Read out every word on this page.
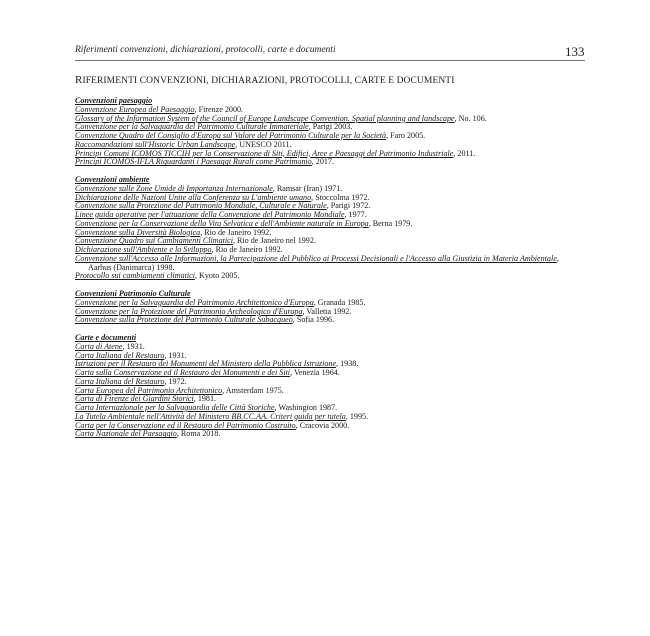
Riferimenti convenzioni, dichiarazioni, protocolli, carte e documenti	133
RIFERIMENTI CONVENZIONI, DICHIARAZIONI, PROTOCOLLI, CARTE E DOCUMENTI
Convenzioni paesaggio
Convenzione Europea del Paesaggio, Firenze 2000.
Glossary of the Information System of the Council of Europe Landscape Convention. Spatial planning and landscape, No. 106.
Convenzione per la Salvaguardia del Patrimonio Culturale Immateriale, Parigi 2003.
Convenzione Quadro del Consiglio d'Europa sul Valore del Patrimonio Culturale per la Società, Faro 2005.
Raccomandazioni sull'Historic Urban Landscape, UNESCO 2011.
Principi Comuni ICOMOS TICCIH per la Conservazione di Siti, Edifici, Aree e Paesaggi del Patrimonio Industriale, 2011.
Principi ICOMOS-IFLA Riguardanti i Paesaggi Rurali come Patrimonio, 2017.
Convenzioni ambiente
Convenzione sulle Zone Umide di Importanza Internazionale, Ramsar (Iran) 1971.
Dichiarazione delle Nazioni Unite alla Conferenza su L'ambiente umano, Stoccolma 1972.
Convenzione sulla Protezione del Patrimonio Mondiale, Culturale e Naturale, Parigi 1972.
Linee guida operative per l'attuazione della Convenzione del Patrimonio Mondiale, 1977.
Convenzione per la Conservazione della Vita Selvatica e dell'Ambiente naturale in Europa, Berna 1979.
Convenzione sulla Diversità Biologica, Rio de Janeiro 1992.
Convenzione Quadro sui Cambiamenti Climatici, Rio de Janeiro nel 1992.
Dichiarazione sull'Ambiente e lo Sviluppo, Rio de Janeiro 1992.
Convenzione sull'Accesso alle Informazioni, la Partecipazione del Pubblico ai Processi Decisionali e l'Accesso alla Giustizia in Materia Ambientale,
Aarhus (Danimarca) 1998.
Protocollo sui cambiamenti climatici, Kyoto 2005.
Convenzioni Patrimonio Culturale
Convenzione per la Salvaguardia del Patrimonio Architettonico d'Europa, Granada 1985.
Convenzione per la Protezione del Patrimonio Archeologico d'Europa, Valletta 1992.
Convenzione sulla Protezione del Patrimonio Culturale Subacqueo, Sofia 1996.
Carte e documenti
Carta di Atene, 1931.
Carta Italiana del Restauro, 1931.
Istruzioni per il Restauro dei Monumenti del Ministero della Pubblica Istruzione, 1938.
Carta sulla Conservazione ed il Restauro dei Monumenti e dei Siti, Venezia 1964.
Carta Italiana del Restauro, 1972.
Carta Europea del Patrimonio Architettonico, Amsterdam 1975.
Carta di Firenze dei Giardini Storici, 1981.
Carta Internazionale per la Salvaguardia delle Città Storiche, Washington 1987.
La Tutela Ambientale nell'Attività del Ministero BB.CC.AA. Criteri guida per tutela, 1995.
Carta per la Conservazione ed il Restauro del Patrimonio Costruito, Cracovia 2000.
Carta Nazionale del Paesaggio, Roma 2018.
